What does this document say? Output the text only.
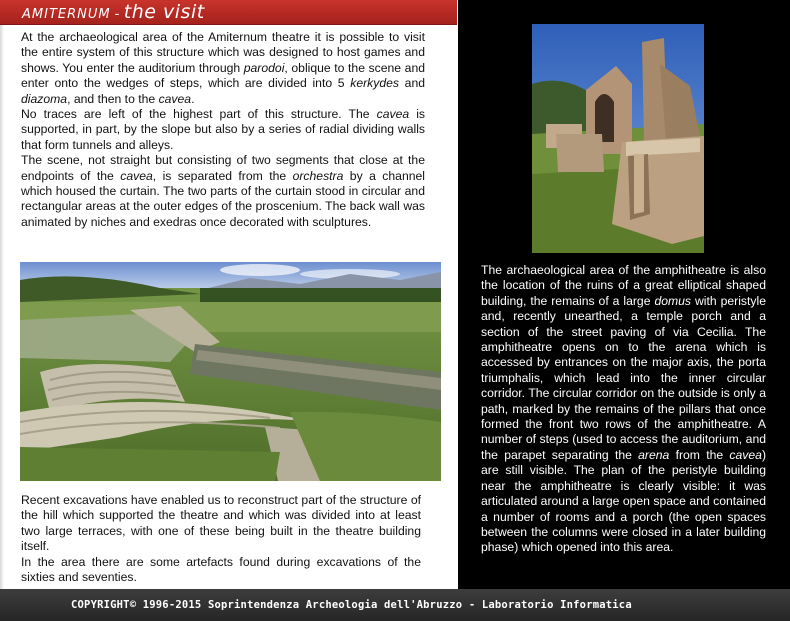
AMITERNUM - the visit

At the archaeological area of the Amiternum theatre it is possible to visit the entire system of this structure which was designed to host games and shows. You enter the auditorium through parodoi, oblique to the scene and enter onto the wedges of steps, which are divided into 5 kerkydes and diazoma, and then to the cavea.

No traces are left of the highest part of this structure. The cavea is supported, in part, by the slope but also by a series of radial dividing walls that form tunnels and alleys.

The scene, not straight but consisting of two segments that close at the endpoints of the cavea, is separated from the orchestra by a channel which housed the curtain. The two parts of the curtain stood in circular and rectangular areas at the outer edges of the proscenium. The back wall was animated by niches and exedras once decorated with sculptures.

Recent excavations have enabled us to reconstruct part of the structure of the hill which supported the theatre and which was divided into at least two large terraces, with one of these being built in the theatre building itself.

In the area there are some artefacts found during excavations of the sixties and seventies.

The archaeological area of the amphitheatre is also the location of the ruins of a great elliptical shaped building, the remains of a large domus with peristyle and, recently unearthed, a temple porch and a section of the street paving of via Cecilia. The amphitheatre opens on to the arena which is accessed by entrances on the major axis, the porta triumphalis, which lead into the inner circular corridor. The circular corridor on the outside is only a path, marked by the remains of the pillars that once formed the front two rows of the amphitheatre. A number of steps (used to access the auditorium, and the parapet separating the arena from the cavea) are still visible. The plan of the peristyle building near the amphitheatre is clearly visible: it was articulated around a large open space and contained a number of rooms and a porch (the open spaces between the columns were closed in a later building phase) which opened into this area.
COPYRIGHT© 1996-2015 Soprintendenza Archeologia dell'Abruzzo - Laboratorio Informatica
